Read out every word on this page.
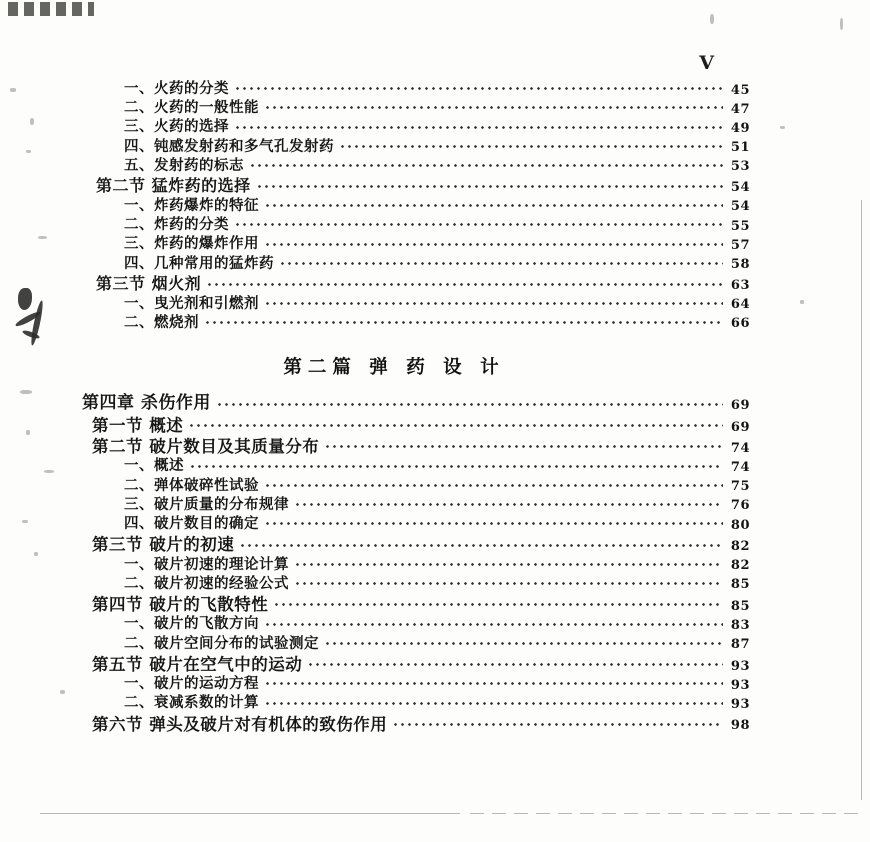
V
一、火药的分类	45
二、火药的一般性能	47
三、火药的选择	49
四、钝感发射药和多气孔发射药	51
五、发射药的标志	53
第二节 猛炸药的选择	54
一、炸药爆炸的特征	54
二、炸药的分类	55
三、炸药的爆炸作用	57
四、几种常用的猛炸药	58
第三节 烟火剂	63
一、曳光剂和引燃剂	64
二、燃烧剂	66
第二篇 弹 药 设 计
第四章 杀伤作用	69
第一节 概述	69
第二节 破片数目及其质量分布	74
一、概述	74
二、弹体破碎性试验	75
三、破片质量的分布规律	76
四、破片数目的确定	80
第三节 破片的初速	82
一、破片初速的理论计算	82
二、破片初速的经验公式	85
第四节 破片的飞散特性	85
一、破片的飞散方向	83
二、破片空间分布的试验测定	87
第五节 破片在空气中的运动	93
一、破片的运动方程	93
二、衰减系数的计算	93
第六节 弹头及破片对有机体的致伤作用	98
